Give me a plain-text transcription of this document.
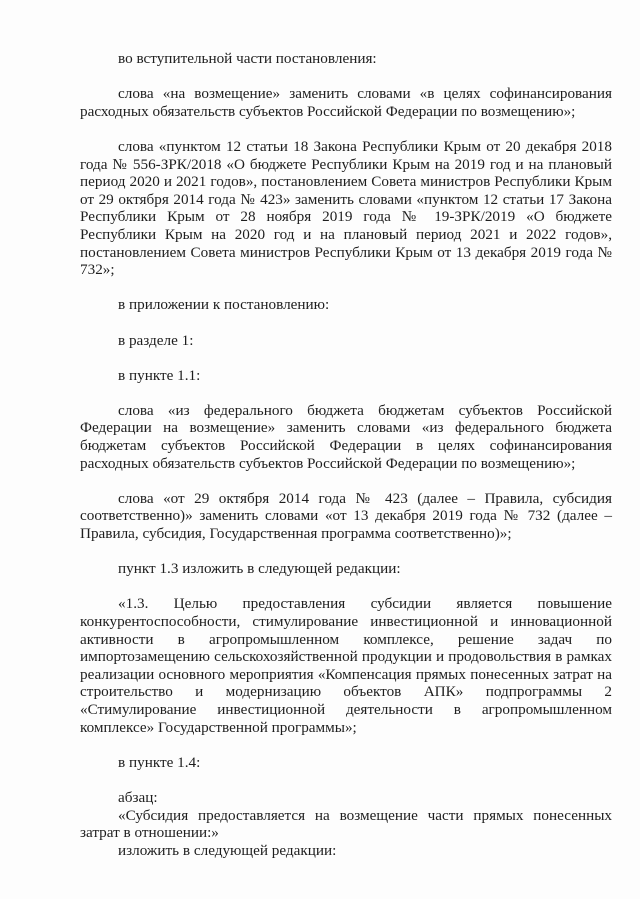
во вступительной части постановления:

слова «на возмещение» заменить словами «в целях софинансирования расходных обязательств субъектов Российской Федерации по возмещению»;

слова «пунктом 12 статьи 18 Закона Республики Крым от 20 декабря 2018 года № 556-ЗРК/2018 «О бюджете Республики Крым на 2019 год и на плановый период 2020 и 2021 годов», постановлением Совета министров Республики Крым от 29 октября 2014 года № 423» заменить словами «пунктом 12 статьи 17 Закона Республики Крым от 28 ноября 2019 года № 19-ЗРК/2019 «О бюджете Республики Крым на 2020 год и на плановый период 2021 и 2022 годов», постановлением Совета министров Республики Крым от 13 декабря 2019 года № 732»;

в приложении к постановлению:

в разделе 1:

в пункте 1.1:

слова «из федерального бюджета бюджетам субъектов Российской Федерации на возмещение» заменить словами «из федерального бюджета бюджетам субъектов Российской Федерации в целях софинансирования расходных обязательств субъектов Российской Федерации по возмещению»;

слова «от 29 октября 2014 года № 423 (далее – Правила, субсидия соответственно)» заменить словами «от 13 декабря 2019 года № 732 (далее – Правила, субсидия, Государственная программа соответственно)»;

пункт 1.3 изложить в следующей редакции:

«1.3. Целью предоставления субсидии является повышение конкурентоспособности, стимулирование инвестиционной и инновационной активности в агропромышленном комплексе, решение задач по импортозамещению сельскохозяйственной продукции и продовольствия в рамках реализации основного мероприятия «Компенсация прямых понесенных затрат на строительство и модернизацию объектов АПК» подпрограммы 2 «Стимулирование инвестиционной деятельности в агропромышленном комплексе» Государственной программы»;

в пункте 1.4:

абзац:

«Субсидия предоставляется на возмещение части прямых понесенных затрат в отношении:»

изложить в следующей редакции:
